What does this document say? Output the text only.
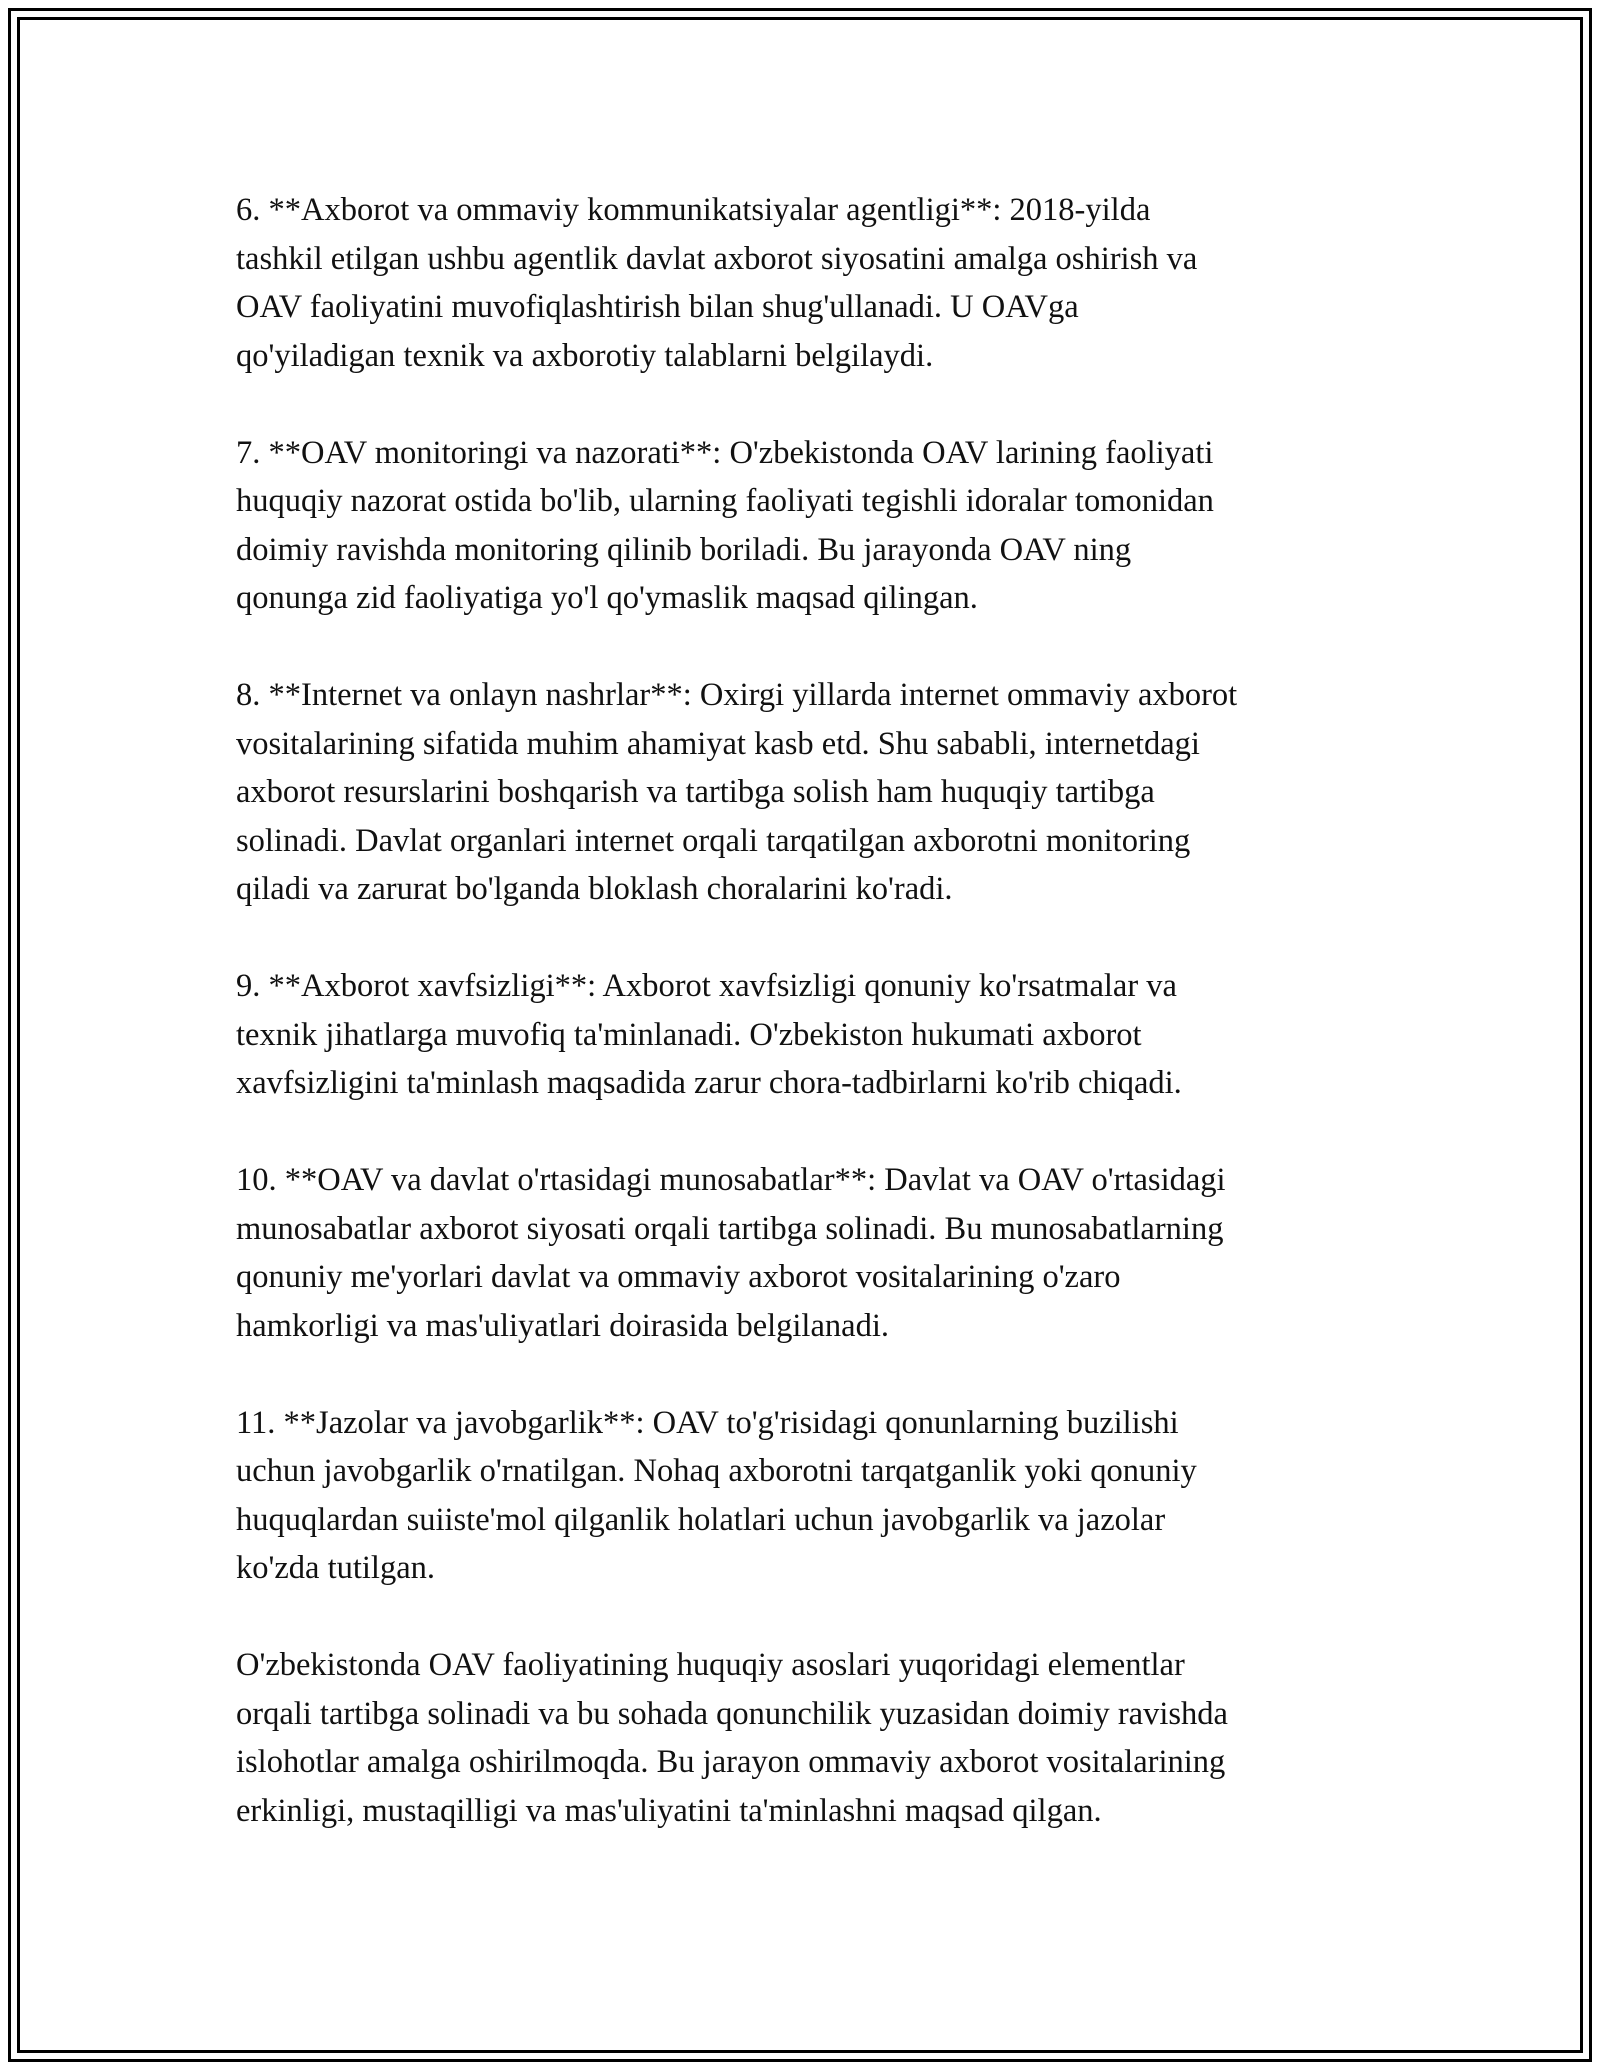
6. **Axborot va ommaviy kommunikatsiyalar agentligi**: 2018-yilda
tashkil etilgan ushbu agentlik davlat axborot siyosatini amalga oshirish va
OAV faoliyatini muvofiqlashtirish bilan shug'ullanadi. U OAVga
qo'yiladigan texnik va axborotiy talablarni belgilaydi.

7. **OAV monitoringi va nazorati**: O'zbekistonda OAV larining faoliyati
huquqiy nazorat ostida bo'lib, ularning faoliyati tegishli idoralar tomonidan
doimiy ravishda monitoring qilinib boriladi. Bu jarayonda OAV ning
qonunga zid faoliyatiga yo'l qo'ymaslik maqsad qilingan.

8. **Internet va onlayn nashrlar**: Oxirgi yillarda internet ommaviy axborot
vositalarining sifatida muhim ahamiyat kasb etd. Shu sababli, internetdagi
axborot resurslarini boshqarish va tartibga solish ham huquqiy tartibga
solinadi. Davlat organlari internet orqali tarqatilgan axborotni monitoring
qiladi va zarurat bo'lganda bloklash choralarini ko'radi.

9. **Axborot xavfsizligi**: Axborot xavfsizligi qonuniy ko'rsatmalar va
texnik jihatlarga muvofiq ta'minlanadi. O'zbekiston hukumati axborot
xavfsizligini ta'minlash maqsadida zarur chora-tadbirlarni ko'rib chiqadi.

10. **OAV va davlat o'rtasidagi munosabatlar**: Davlat va OAV o'rtasidagi
munosabatlar axborot siyosati orqali tartibga solinadi. Bu munosabatlarning
qonuniy me'yorlari davlat va ommaviy axborot vositalarining o'zaro
hamkorligi va mas'uliyatlari doirasida belgilanadi.

11. **Jazolar va javobgarlik**: OAV to'g'risidagi qonunlarning buzilishi
uchun javobgarlik o'rnatilgan. Nohaq axborotni tarqatganlik yoki qonuniy
huquqlardan suiiste'mol qilganlik holatlari uchun javobgarlik va jazolar
ko'zda tutilgan.

O'zbekistonda OAV faoliyatining huquqiy asoslari yuqoridagi elementlar
orqali tartibga solinadi va bu sohada qonunchilik yuzasidan doimiy ravishda
islohotlar amalga oshirilmoqda. Bu jarayon ommaviy axborot vositalarining
erkinligi, mustaqilligi va mas'uliyatini ta'minlashni maqsad qilgan.
